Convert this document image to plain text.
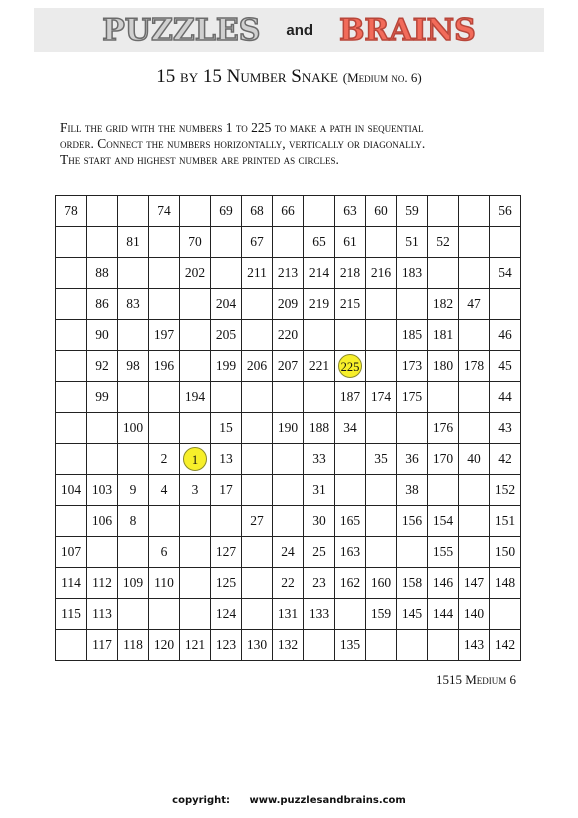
PUZZLES and BRAINS
15 by 15 Number Snake (Medium no. 6)
Fill the grid with the numbers 1 to 225 to make a path in sequential
order. Connect the numbers horizontally, vertically or diagonally.
The start and highest number are printed as circles.
78			74		69	68	66		63	60	59			56
		81		70		67		65	61		51	52		
	88			202		211	213	214	218	216	183			54
	86	83			204		209	219	215			182	47	
	90		197		205		220				185	181		46
	92	98	196		199	206	207	221	225		173	180	178	45
	99			194					187	174	175			44
		100			15		190	188	34			176		43
			2	1	13			33		35	36	170	40	42
104	103	9	4	3	17			31			38			152
	106	8				27		30	165		156	154		151
107			6		127		24	25	163			155		150
114	112	109	110		125		22	23	162	160	158	146	147	148
115	113				124		131	133		159	145	144	140	
	117	118	120	121	123	130	132		135				143	142
1515 Medium 6
copyright: www.puzzlesandbrains.com
